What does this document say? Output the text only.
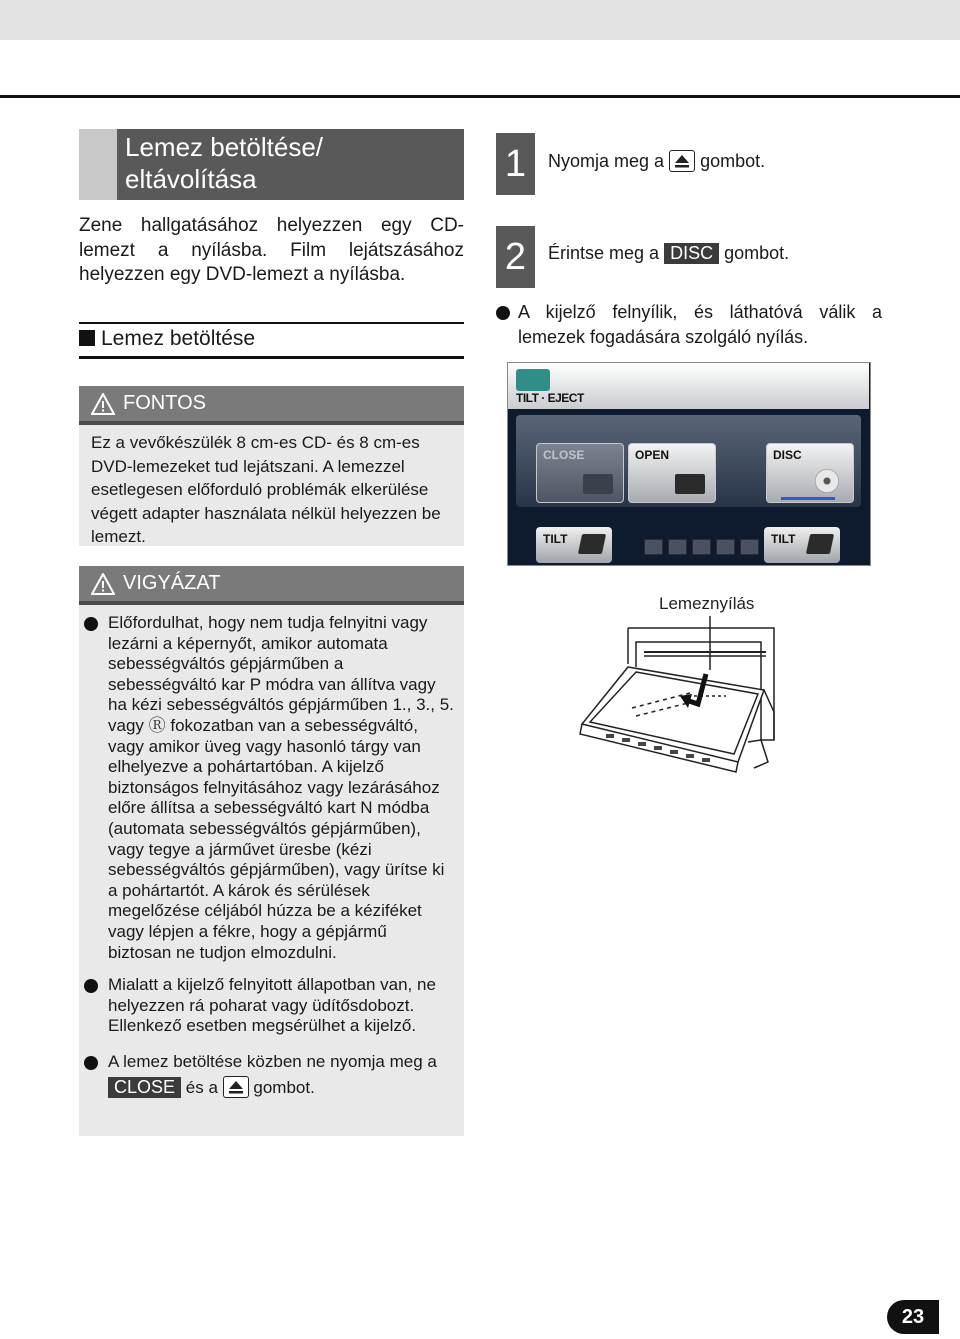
Lemez betöltése/
eltávolítása
Zene hallgatásához helyezzen egy CD-lemezt a nyílásba. Film lejátszásához helyezzen egy DVD-lemezt a nyílásba.
Lemez betöltése
FONTOS
Ez a vevőkészülék 8 cm-es CD- és 8 cm-es DVD-lemezeket tud lejátszani. A lemezzel esetlegesen előforduló problémák elkerülése végett adapter használata nélkül helyezzen be lemezt.
VIGYÁZAT
Előfordulhat, hogy nem tudja felnyitni vagy lezárni a képernyőt, amikor automata sebességváltós gépjárműben a sebességváltó kar P módra van állítva vagy ha kézi sebességváltós gépjárműben 1., 3., 5. vagy Ⓡ fokozatban van a sebességváltó, vagy amikor üveg vagy hasonló tárgy van elhelyezve a pohártartóban. A kijelző biztonságos felnyitásához vagy lezárásához előre állítsa a sebességváltó kart N módba (automata sebességváltós gépjárműben), vagy tegye a járművet üresbe (kézi sebességváltós gépjárműben), vagy ürítse ki a pohártartót. A károk és sérülések megelőzése céljából húzza be a kéziféket vagy lépjen a fékre, hogy a gépjármű biztosan ne tudjon elmozdulni.
Mialatt a kijelző felnyitott állapotban van, ne helyezzen rá poharat vagy üdítősdobozt. Ellenkező esetben megsérülhet a kijelző.
A lemez betöltése közben ne nyomja meg a CLOSE és a gombot.
1	Nyomja meg a gombot.
2	Érintse meg a DISC gombot.
A kijelző felnyílik, és láthatóvá válik a lemezek fogadására szolgáló nyílás.
TILT · EJECT
CLOSE	OPEN	DISC
TILT	TILT
Lemeznyílás
23
